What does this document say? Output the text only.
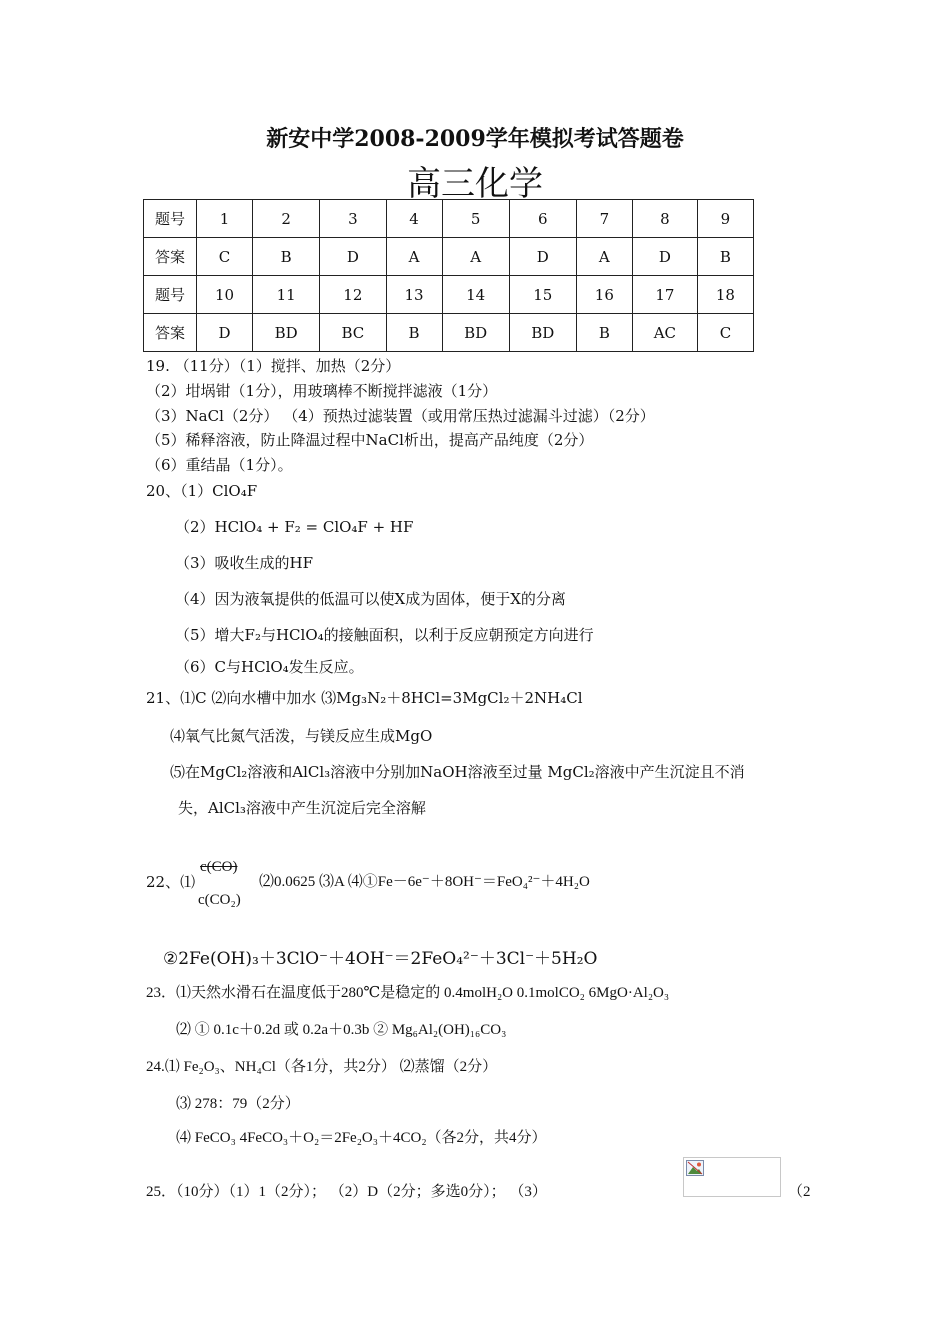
新安中学2008-2009学年模拟考试答题卷
高三化学
题号	1	2	3	4	5	6	7	8	9
答案	C	B	D	A	A	D	A	D	B
题号	10	11	12	13	14	15	16	17	18
答案	D	BD	BC	B	BD	BD	B	AC	C
19. （11分）（1）搅拌、加热（2分）
（2）坩埚钳（1分），用玻璃棒不断搅拌滤液（1分）
（3）NaCl（2分） （4）预热过滤装置（或用常压热过滤漏斗过滤）（2分）
（5）稀释溶液，防止降温过程中NaCl析出，提高产品纯度（2分）
（6）重结晶（1分）。
20、（1）ClO₄F
（2）HClO₄ + F₂ = ClO₄F + HF
（3）吸收生成的HF
（4）因为液氧提供的低温可以使X成为固体，便于X的分离
（5）增大F₂与HClO₄的接触面积，以利于反应朝预定方向进行
（6）C与HClO₄发生反应。
21、⑴C ⑵向水槽中加水 ⑶Mg₃N₂＋8HCl=3MgCl₂＋2NH₄Cl
⑷氧气比氮气活泼，与镁反应生成MgO
⑸在MgCl₂溶液和AlCl₃溶液中分别加NaOH溶液至过量 MgCl₂溶液中产生沉淀且不消
失，AlCl₃溶液中产生沉淀后完全溶解
22、⑴
c(CO)
c(CO₂)
⑵0.0625 ⑶A ⑷①Fe－6e⁻＋8OH⁻＝FeO₄²⁻＋4H₂O
②2Fe(OH)₃＋3ClO⁻＋4OH⁻＝2FeO₄²⁻＋3Cl⁻＋5H₂O
23．⑴天然水滑石在温度低于280℃是稳定的 0.4molH₂O 0.1molCO₂ 6MgO·Al₂O₃
⑵ ① 0.1c＋0.2d 或 0.2a＋0.3b ② Mg₆Al₂(OH)₁₆CO₃
24.⑴ Fe₂O₃、NH₄Cl（各1分，共2分） ⑵蒸馏（2分）
⑶ 278：79（2分）
⑷ FeCO₃ 4FeCO₃＋O₂＝2Fe₂O₃＋4CO₂（各2分，共4分）
25．（10分）（1）1（2分）； （2）D（2分；多选0分）； （3）	（2
